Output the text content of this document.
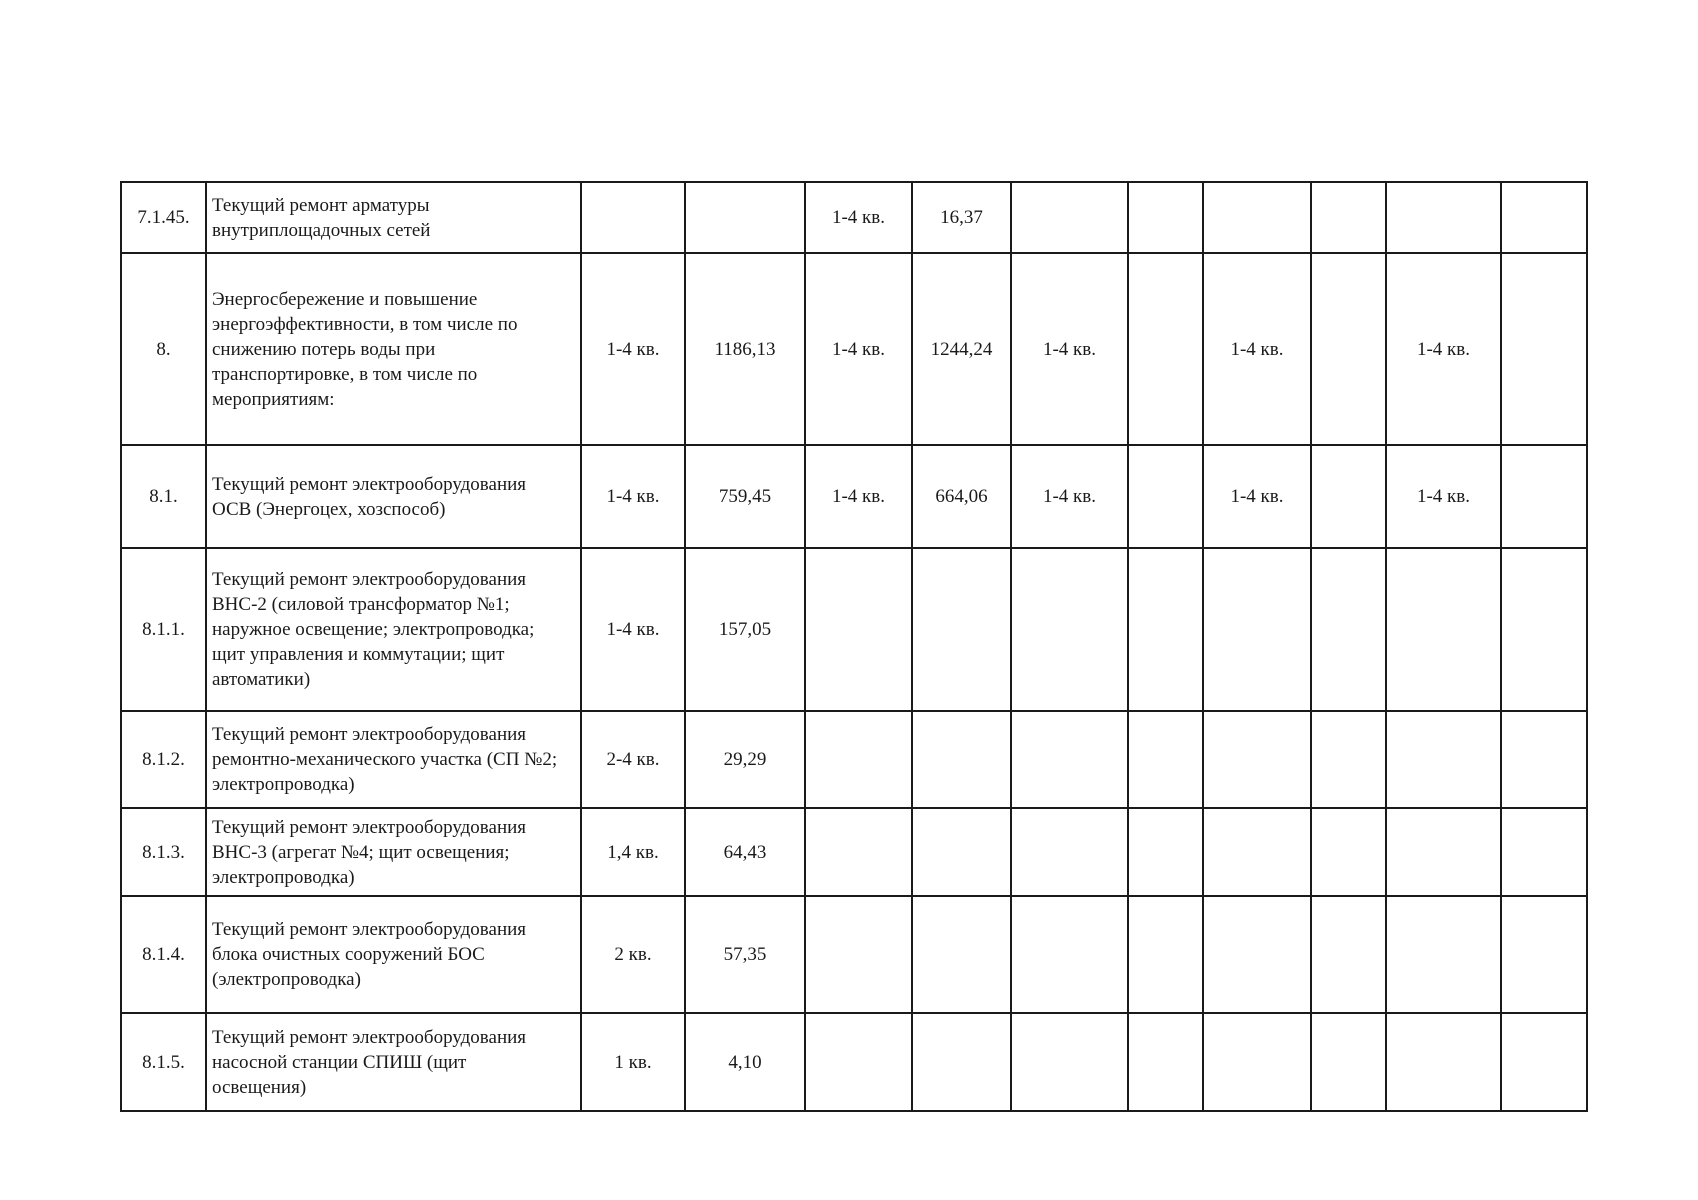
7.1.45.	Текущий ремонт арматуры
внутриплощадочных сетей			1-4 кв.	16,37						
8.	Энергосбережение и повышение
энергоэффективности, в том числе по
снижению потерь воды при
транспортировке, в том числе по
мероприятиям:	1-4 кв.	1186,13	1-4 кв.	1244,24	1-4 кв.		1-4 кв.		1-4 кв.	
8.1.	Текущий ремонт электрооборудования
ОСВ (Энергоцех, хозспособ)	1-4 кв.	759,45	1-4 кв.	664,06	1-4 кв.		1-4 кв.		1-4 кв.	
8.1.1.	Текущий ремонт электрооборудования
ВНС-2 (силовой трансформатор №1;
наружное освещение; электропроводка;
щит управления и коммутации; щит
автоматики)	1-4 кв.	157,05								
8.1.2.	Текущий ремонт электрооборудования
ремонтно-механического участка (СП №2;
электропроводка)	2-4 кв.	29,29								
8.1.3.	Текущий ремонт электрооборудования
ВНС-3 (агрегат №4; щит освещения;
электропроводка)	1,4 кв.	64,43								
8.1.4.	Текущий ремонт электрооборудования
блока очистных сооружений БОС
(электропроводка)	2 кв.	57,35								
8.1.5.	Текущий ремонт электрооборудования
насосной станции СПИШ (щит
освещения)	1 кв.	4,10								
